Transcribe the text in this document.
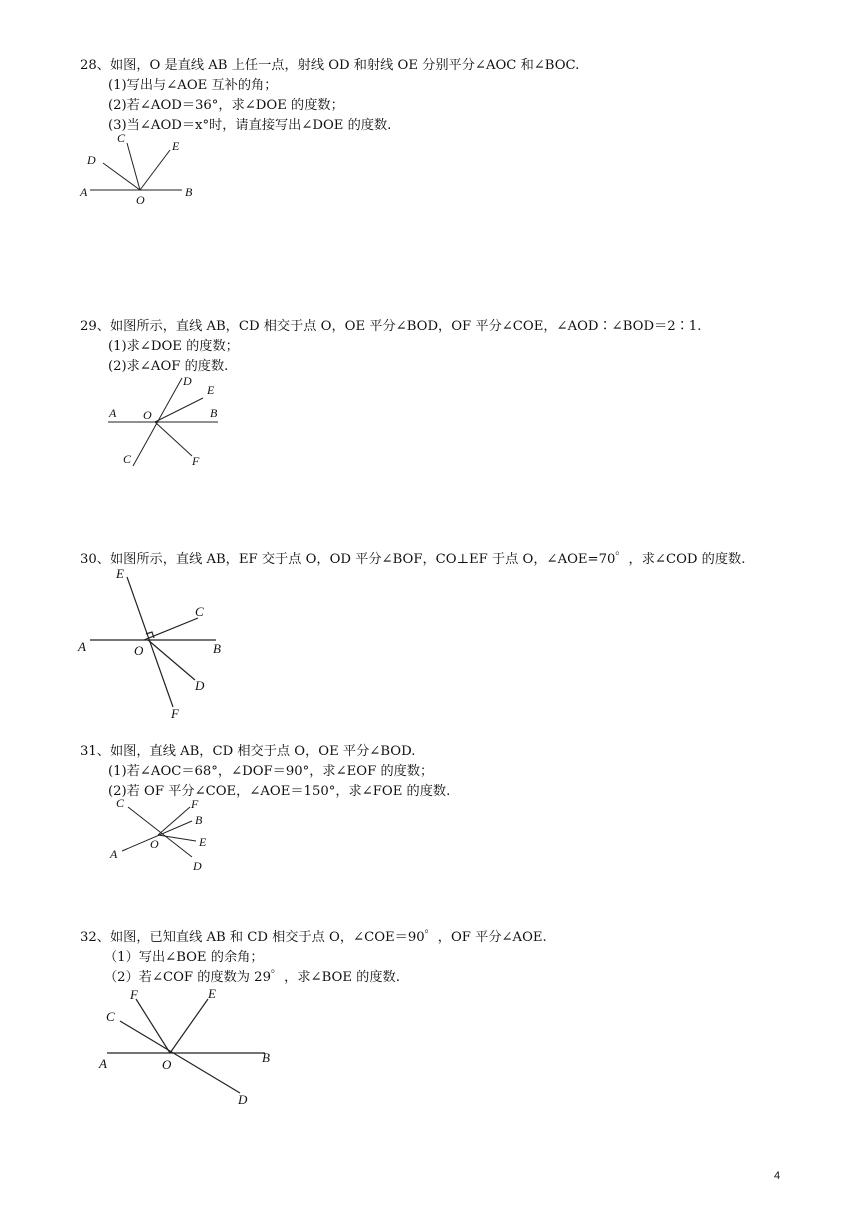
28、如图，O 是直线 AB 上任一点，射线 OD 和射线 OE 分别平分∠AOC 和∠BOC.
(1)写出与∠AOE 互补的角；
(2)若∠AOD＝36°，求∠DOE 的度数；
(3)当∠AOD＝x°时，请直接写出∠DOE 的度数.
A	B
C
D
E
O
29、如图所示，直线 AB，CD 相交于点 O，OE 平分∠BOD，OF 平分∠COE，∠AOD∶∠BOD＝2∶1.
(1)求∠DOE 的度数；
(2)求∠AOF 的度数.
A	B
C
D
E
F
O
30、如图所示，直线 AB，EF 交于点 O，OD 平分∠BOF，CO⊥EF 于点 O，∠AOE=70゜，求∠COD 的度数.
A	B
C
D
E
F
O
31、如图，直线 AB，CD 相交于点 O，OE 平分∠BOD.
(1)若∠AOC＝68°，∠DOF＝90°，求∠EOF 的度数；
(2)若 OF 平分∠COE，∠AOE＝150°，求∠FOE 的度数.
A
B
C
D
E
F
O
32、如图，已知直线 AB 和 CD 相交于点 O，∠COE＝90゜，OF 平分∠AOE.
（1）写出∠BOE 的余角；
（2）若∠COF 的度数为 29゜，求∠BOE 的度数.
A	B
C
D
E
F
O
4
